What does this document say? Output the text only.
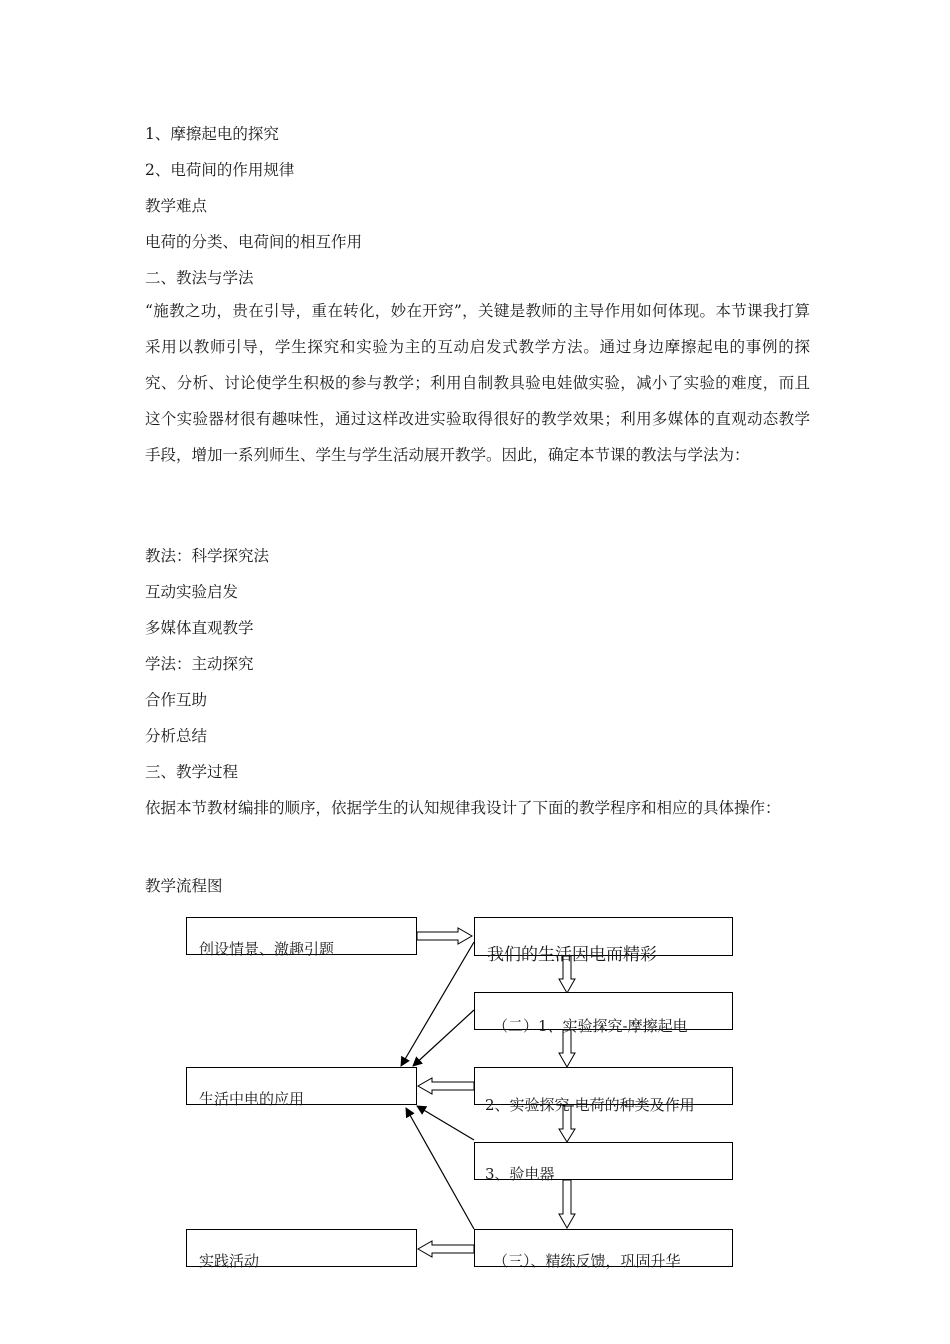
1、摩擦起电的探究
2、电荷间的作用规律
教学难点
电荷的分类、电荷间的相互作用
二、教法与学法
“施教之功，贵在引导，重在转化，妙在开窍”，关键是教师的主导作用如何体现。本节课我打算采用以教师引导，学生探究和实验为主的互动启发式教学方法。通过身边摩擦起电的事例的探究、分析、讨论使学生积极的参与教学；利用自制教具验电娃做实验，减小了实验的难度，而且这个实验器材很有趣味性，通过这样改进实验取得很好的教学效果；利用多媒体的直观动态教学手段，增加一系列师生、学生与学生活动展开教学。因此，确定本节课的教法与学法为：
教法：科学探究法
互动实验启发
多媒体直观教学
学法：主动探究
合作互助
分析总结
三、教学过程
依据本节教材编排的顺序，依据学生的认知规律我设计了下面的教学程序和相应的具体操作：
教学流程图
创设情景、激趣引题
生活中电的应用
实践活动
我们的生活因电而精彩
（二）1、实验探究-摩擦起电
2、实验探究-电荷的种类及作用
3、验电器
（三）、精练反馈，巩固升华
